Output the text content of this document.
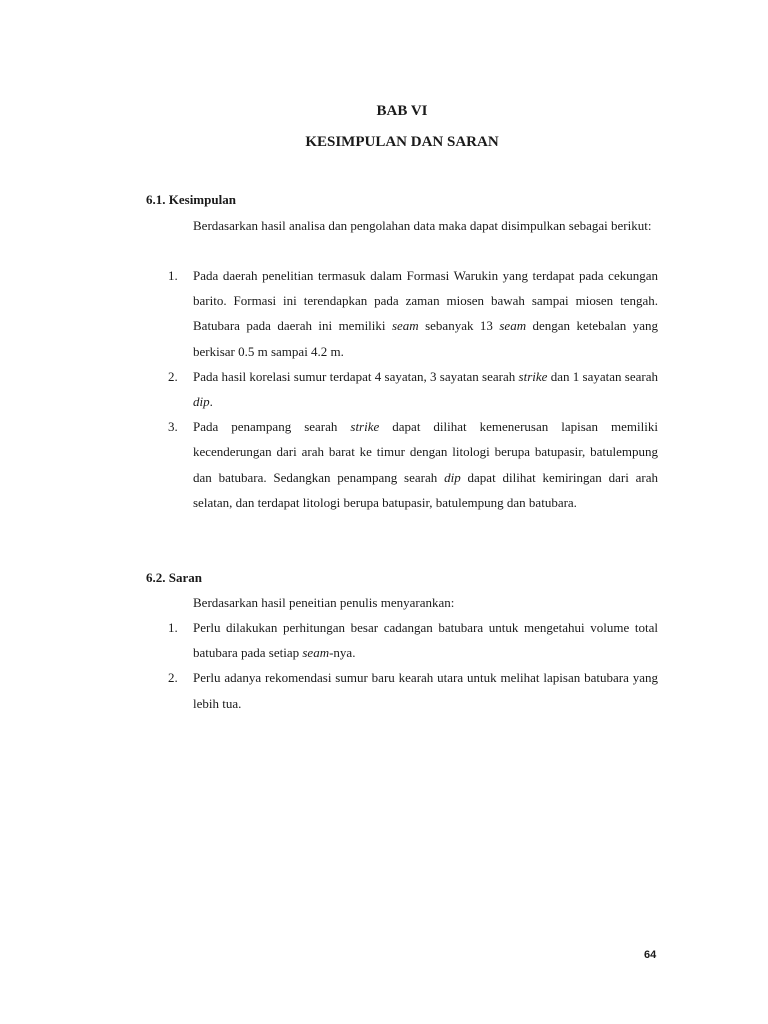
BAB VI
KESIMPULAN DAN SARAN
6.1. Kesimpulan
Berdasarkan hasil analisa dan pengolahan data maka dapat disimpulkan sebagai berikut:
1. Pada daerah penelitian termasuk dalam Formasi Warukin yang terdapat pada cekungan barito. Formasi ini terendapkan pada zaman miosen bawah sampai miosen tengah. Batubara pada daerah ini memiliki seam sebanyak 13 seam dengan ketebalan yang berkisar 0.5 m sampai 4.2 m.
2. Pada hasil korelasi sumur terdapat 4 sayatan, 3 sayatan searah strike dan 1 sayatan searah dip.
3. Pada penampang searah strike dapat dilihat kemenerusan lapisan memiliki kecenderungan dari arah barat ke timur dengan litologi berupa batupasir, batulempung dan batubara. Sedangkan penampang searah dip dapat dilihat kemiringan dari arah selatan, dan terdapat litologi berupa batupasir, batulempung dan batubara.
6.2. Saran
Berdasarkan hasil peneitian penulis menyarankan:
1. Perlu dilakukan perhitungan besar cadangan batubara untuk mengetahui volume total batubara pada setiap seam-nya.
2. Perlu adanya rekomendasi sumur baru kearah utara untuk melihat lapisan batubara yang lebih tua.
64
